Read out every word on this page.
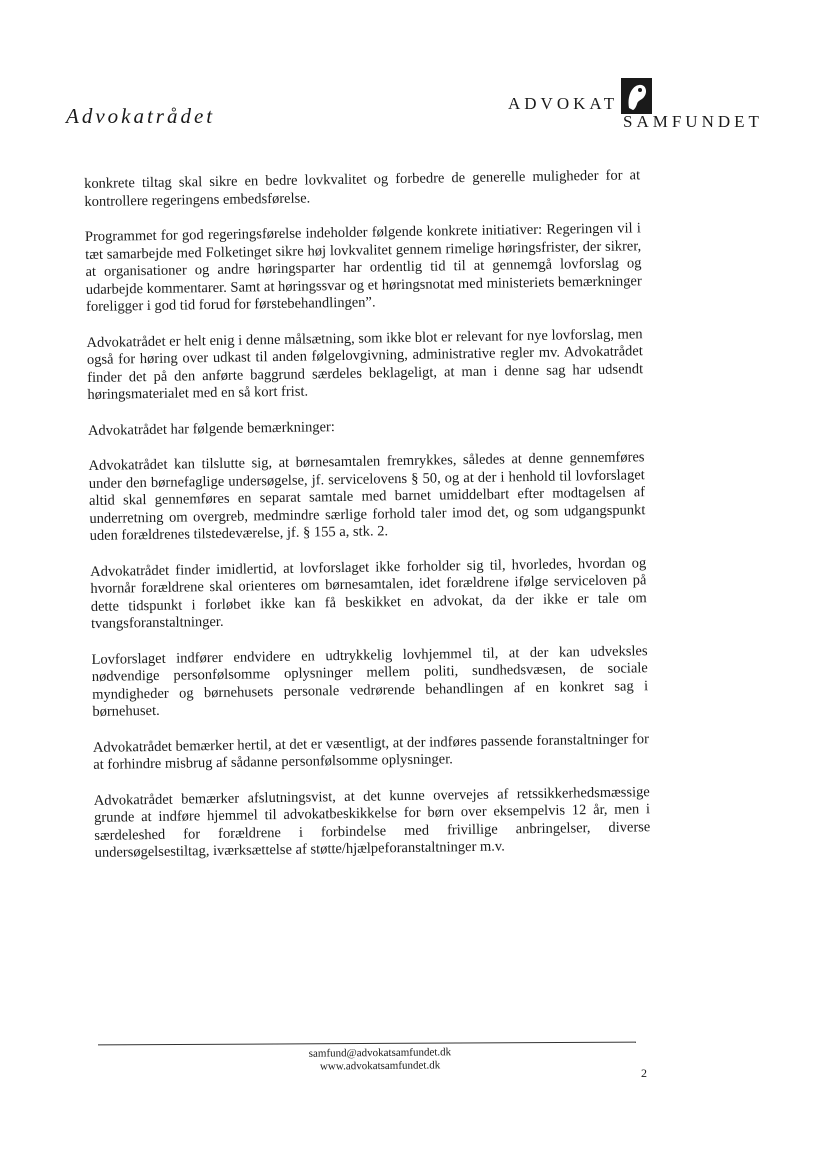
Advokatrådet
ADVOKAT
SAMFUNDET

konkrete tiltag skal sikre en bedre lovkvalitet og forbedre de generelle muligheder for at kontrollere regeringens embedsførelse.

Programmet for god regeringsførelse indeholder følgende konkrete initiativer: Regeringen vil i tæt samarbejde med Folketinget sikre høj lovkvalitet gennem rimelige høringsfrister, der sikrer, at organisationer og andre høringsparter har ordentlig tid til at gennemgå lovforslag og udarbejde kommentarer. Samt at høringssvar og et høringsnotat med ministeriets bemærkninger foreligger i god tid forud for førstebehandlingen”.

Advokatrådet er helt enig i denne målsætning, som ikke blot er relevant for nye lovforslag, men også for høring over udkast til anden følgelovgivning, administrative regler mv. Advokatrådet finder det på den anførte baggrund særdeles beklageligt, at man i denne sag har udsendt høringsmaterialet med en så kort frist.

Advokatrådet har følgende bemærkninger:

Advokatrådet kan tilslutte sig, at børnesamtalen fremrykkes, således at denne gennemføres under den børnefaglige undersøgelse, jf. servicelovens § 50, og at der i henhold til lovforslaget altid skal gennemføres en separat samtale med barnet umiddelbart efter modtagelsen af underretning om overgreb, medmindre særlige forhold taler imod det, og som udgangspunkt uden forældrenes tilstedeværelse, jf. § 155 a, stk. 2.

Advokatrådet finder imidlertid, at lovforslaget ikke forholder sig til, hvorledes, hvordan og hvornår forældrene skal orienteres om børnesamtalen, idet forældrene ifølge serviceloven på dette tidspunkt i forløbet ikke kan få beskikket en advokat, da der ikke er tale om tvangsforanstaltninger.

Lovforslaget indfører endvidere en udtrykkelig lovhjemmel til, at der kan udveksles nødvendige personfølsomme oplysninger mellem politi, sundhedsvæsen, de sociale myndigheder og børnehusets personale vedrørende behandlingen af en konkret sag i børnehuset.

Advokatrådet bemærker hertil, at det er væsentligt, at der indføres passende foranstaltninger for at forhindre misbrug af sådanne personfølsomme oplysninger.

Advokatrådet bemærker afslutningsvist, at det kunne overvejes af retssikkerhedsmæssige grunde at indføre hjemmel til advokatbeskikkelse for børn over eksempelvis 12 år, men i særdeleshed for forældrene i forbindelse med frivillige anbringelser, diverse undersøgelsestiltag, iværksættelse af støtte/hjælpeforanstaltninger m.v.

samfund@advokatsamfundet.dk
www.advokatsamfundet.dk
2
